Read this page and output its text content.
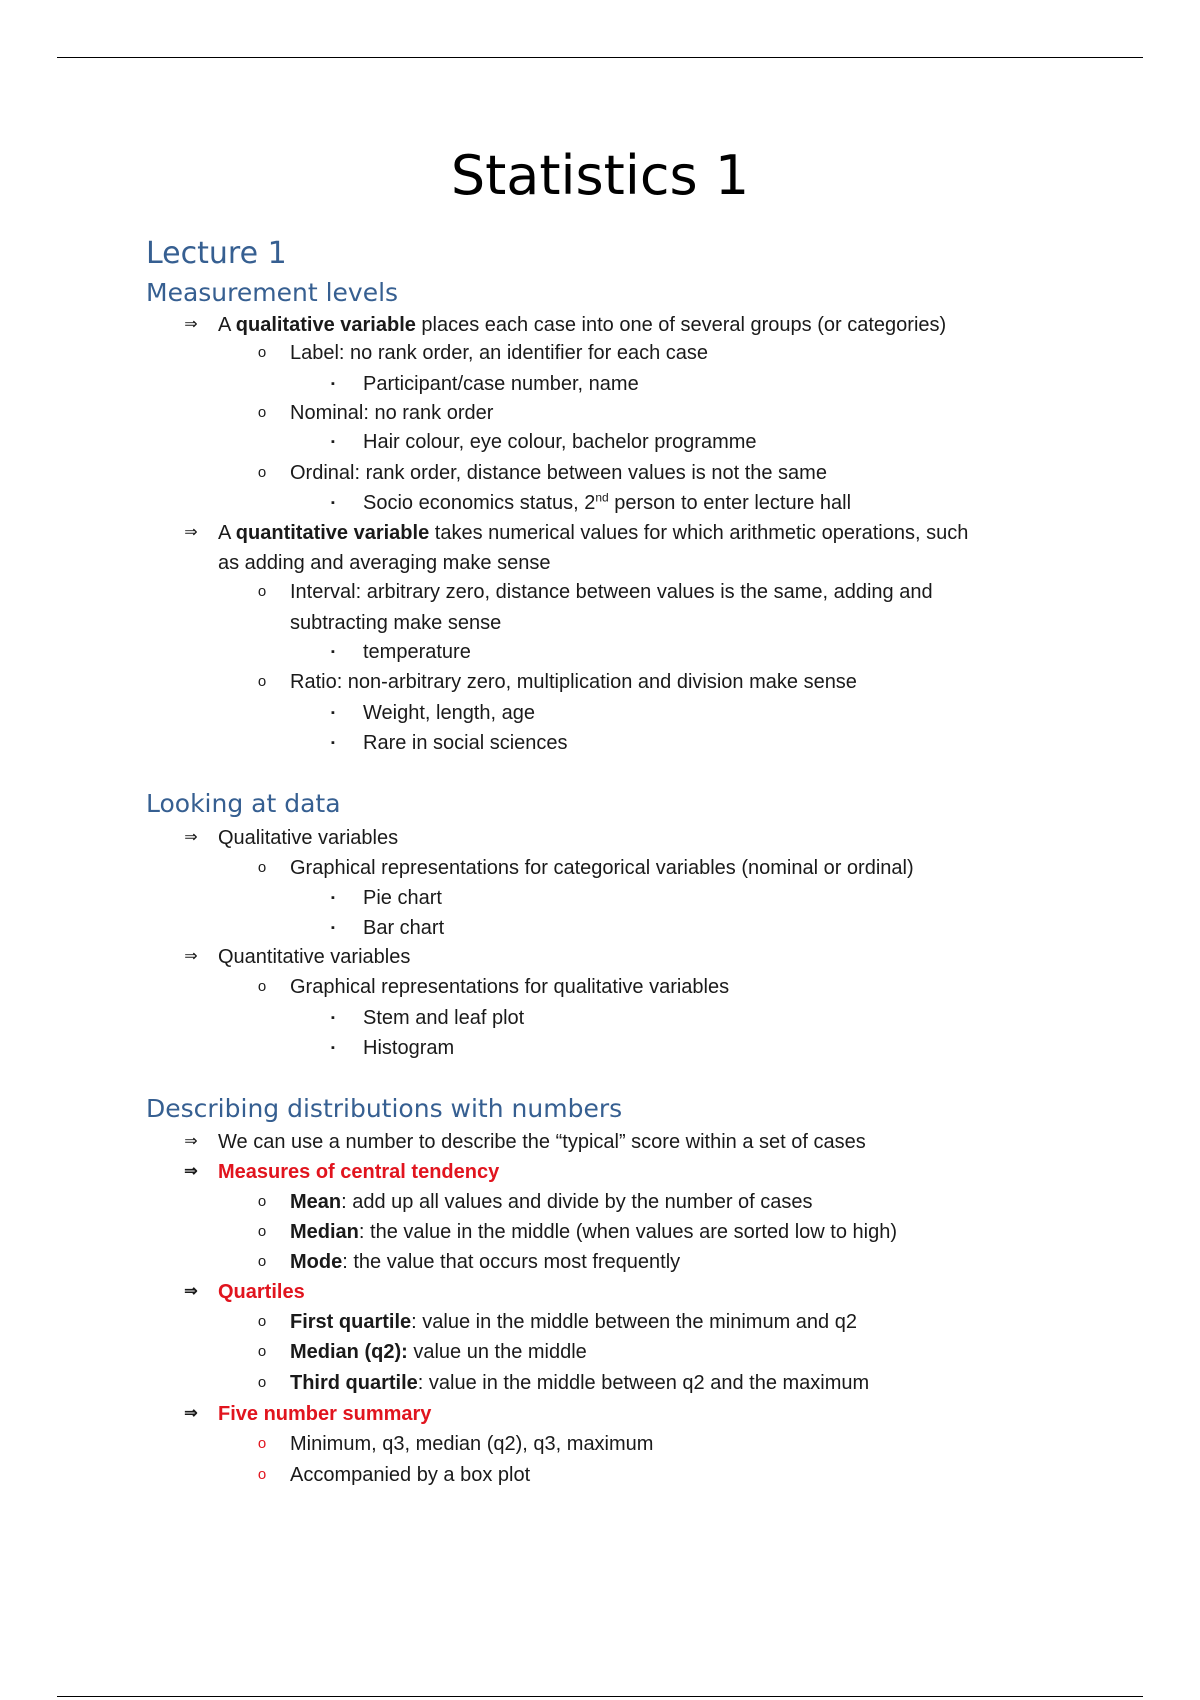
Statistics 1
Lecture 1
Measurement levels
⇒ A qualitative variable places each case into one of several groups (or categories)
o Label: no rank order, an identifier for each case
▪	Participant/case number, name
o Nominal: no rank order
▪	Hair colour, eye colour, bachelor programme
o Ordinal: rank order, distance between values is not the same
▪	Socio economics status, 2nd person to enter lecture hall
⇒ A quantitative variable takes numerical values for which arithmetic operations, such
as adding and averaging make sense
o Interval: arbitrary zero, distance between values is the same, adding and
subtracting make sense
▪	temperature
o Ratio: non-arbitrary zero, multiplication and division make sense
▪	Weight, length, age
▪	Rare in social sciences
Looking at data
⇒ Qualitative variables
o Graphical representations for categorical variables (nominal or ordinal)
▪	Pie chart
▪	Bar chart
⇒ Quantitative variables
o Graphical representations for qualitative variables
▪	Stem and leaf plot
▪	Histogram
Describing distributions with numbers
⇒ We can use a number to describe the “typical” score within a set of cases
⇒ Measures of central tendency
o Mean: add up all values and divide by the number of cases
o Median: the value in the middle (when values are sorted low to high)
o Mode: the value that occurs most frequently
⇒ Quartiles
o First quartile: value in the middle between the minimum and q2
o Median (q2): value un the middle
o Third quartile: value in the middle between q2 and the maximum
⇒ Five number summary
o Minimum, q3, median (q2), q3, maximum
o Accompanied by a box plot
